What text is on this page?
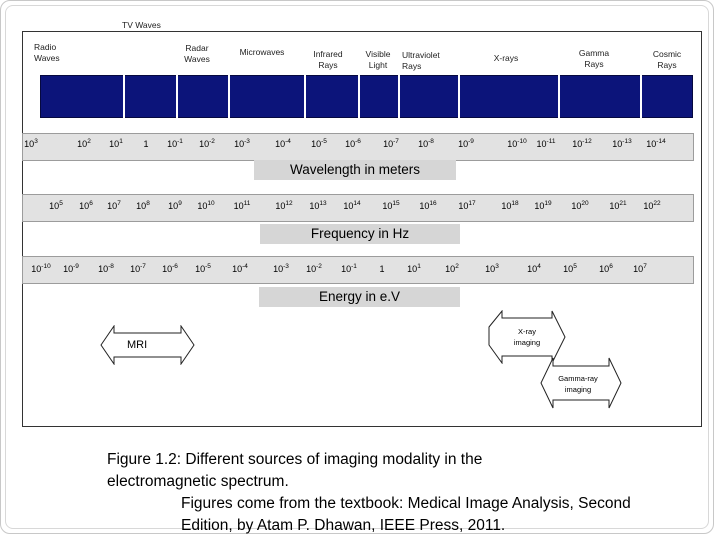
Radio Waves
TV Waves
Radar Waves
Microwaves	Infrared Rays
Visible Light
Ultraviolet Rays
X-rays	Gamma Rays
Cosmic Rays
Wavelength in meters
$10^3$	$10^2$ $10^1$ 1 $10^{-1}$ $10^{-2}$ $10^{-3}$	$10^{-4}$ $10^{-5}$ $10^{-6}$ $10^{-7}$ $10^{-8}$	$10^{-9}$	$10^{-10}$ $10^{-11}$ $10^{-12}$ $10^{-13}$ $10^{-14}$
Frequency in Hz
$10^5$ $10^6$ $10^7$ $10^8$ $10^9$ $10^{10}$ $10^{11}$	$10^{12}$ $10^{13}$ $10^{14}$ $10^{15}$ $10^{16}$ $10^{17}$	$10^{18}$ $10^{19}$ $10^{20}$ $10^{21}$ $10^{22}$
Energy in e.V
$10^{-10}$ $10^{-9}$ $10^{-8}$ $10^{-7}$ $10^{-6}$ $10^{-5}$ $10^{-4}$	$10^{-3}$ $10^{-2}$ $10^{-1}$	1	$10^1$	$10^2$	$10^3$	$10^4$ $10^5$ $10^6$ $10^7$
MRI
X-ray imaging
Gamma-ray imaging
Figure 1.2: Different sources of imaging modality in the
electromagnetic spectrum.
Figures come from the textbook: Medical Image Analysis, Second
Edition, by Atam P. Dhawan, IEEE Press, 2011.
